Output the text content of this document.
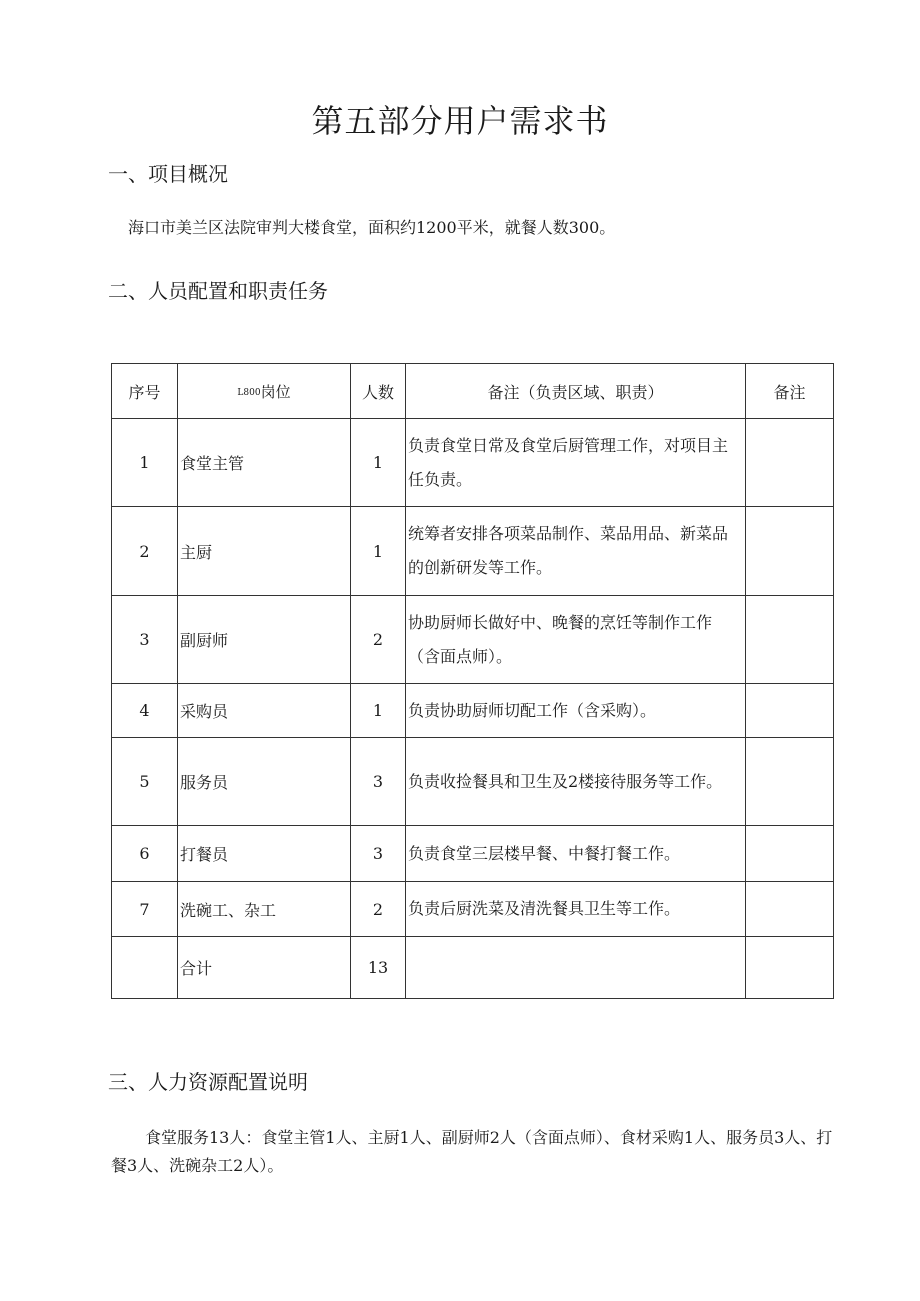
第五部分用户需求书
一、项目概况
海口市美兰区法院审判大楼食堂，面积约1200平米，就餐人数300。
二、人员配置和职责任务
序号	L800岗位	人数	备注（负责区域、职责）	备注
1	食堂主管	1	负责食堂日常及食堂后厨管理工作，对项目主任负责。	
2	主厨	1	统筹者安排各项菜品制作、菜品用品、新菜品的创新研发等工作。	
3	副厨师	2	协助厨师长做好中、晚餐的烹饪等制作工作（含面点师）。	
4	采购员	1	负责协助厨师切配工作（含采购）。	
5	服务员	3	负责收捡餐具和卫生及2楼接待服务等工作。	
6	打餐员	3	负责食堂三层楼早餐、中餐打餐工作。	
7	洗碗工、杂工	2	负责后厨洗菜及清洗餐具卫生等工作。	
	合计	13		
三、人力资源配置说明
食堂服务13人：食堂主管1人、主厨1人、副厨师2人（含面点师）、食材采购1人、服务员3人、打餐3人、洗碗杂工2人）。
